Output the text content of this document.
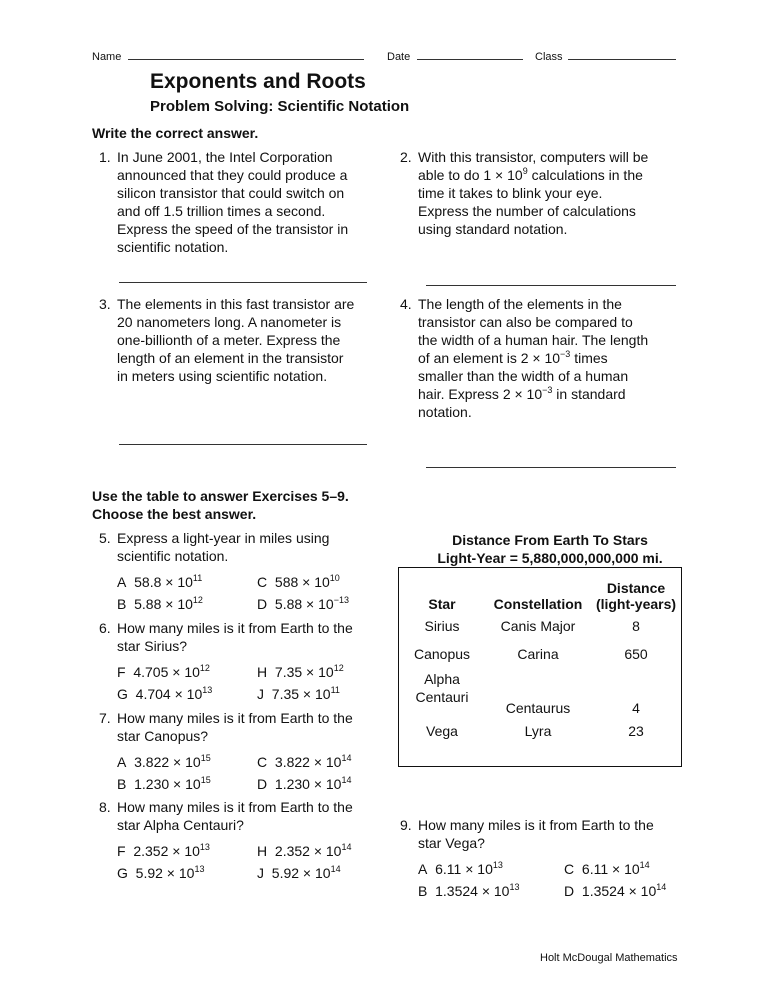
Name	Date	Class
Exponents and Roots
Problem Solving: Scientific Notation
Write the correct answer.
1. In June 2001, the Intel Corporation
announced that they could produce a
silicon transistor that could switch on
and off 1.5 trillion times a second.
Express the speed of the transistor in
scientific notation.
2. With this transistor, computers will be
able to do $1 \times 10^9$ calculations in the
time it takes to blink your eye.
Express the number of calculations
using standard notation.
3. The elements in this fast transistor are
20 nanometers long. A nanometer is
one-billionth of a meter. Express the
length of an element in the transistor
in meters using scientific notation.
4. The length of the elements in the
transistor can also be compared to
the width of a human hair. The length
of an element is $2 \times 10^{-3}$ times
smaller than the width of a human
hair. Express $2 \times 10^{-3}$ in standard
notation.
Use the table to answer Exercises 5–9.
Choose the best answer.
5. Express a light-year in miles using
scientific notation.
A $58.8 \times 10^{11}$	C $588 \times 10^{10}$
B $5.88 \times 10^{12}$	D $5.88 \times 10^{-13}$
6. How many miles is it from Earth to the
star Sirius?
F $4.705 \times 10^{12}$	H $7.35 \times 10^{12}$
G $4.704 \times 10^{13}$	J $7.35 \times 10^{11}$
7. How many miles is it from Earth to the
star Canopus?
A $3.822 \times 10^{15}$	C $3.822 \times 10^{14}$
B $1.230 \times 10^{15}$	D $1.230 \times 10^{14}$
8. How many miles is it from Earth to the
star Alpha Centauri?
F $2.352 \times 10^{13}$	H $2.352 \times 10^{14}$
G $5.92 \times 10^{13}$	J $5.92 \times 10^{14}$
Distance From Earth To Stars
Light-Year = 5,880,000,000,000 mi.
Star	Constellation	Distance
(light-years)

Sirius	Canis Major	8
Canopus	Carina	650

Alpha
Centauri	Centaurus	4
Vega	Lyra	23
9. How many miles is it from Earth to the
star Vega?
A $6.11 \times 10^{13}$	C $6.11 \times 10^{14}$
B $1.3524 \times 10^{13}$	D $1.3524 \times 10^{14}$
Holt McDougal Mathematics
